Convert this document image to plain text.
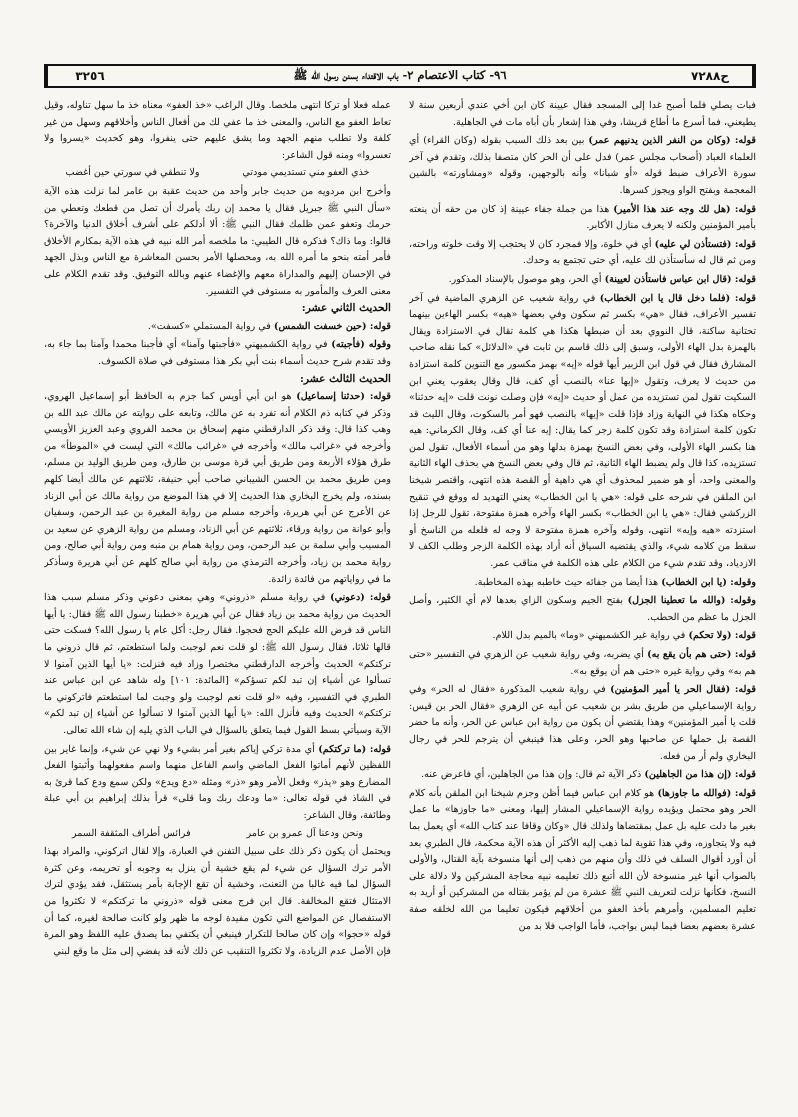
ح٧٢٨٨
٩٦- كتاب الاعتصام ٢- باب الاقتداء بسنن رسول الله ﷺ
٣٢٥٦

فبات يصلي فلما أصبح غدا إلى المسجد فقال عيينة كان ابن أخي عندي أربعين سنة لا يطيعني، فما أسرع ما أطاع قريشا، وفي هذا إشعار بأن أباه مات في الجاهلية.

قوله: (وكان من النفر الذين يدنيهم عمر) بين بعد ذلك السبب بقوله (وكان القراء) أي العلماء العباد (أصحاب مجلس عمر) فدل على أن الحر كان متصفا بذلك، وتقدم في آخر سورة الأعراف ضبط قوله «أو شبانا» وأنه بالوجهين، وقوله «ومشاورته» بالشين المعجمة وبفتح الواو ويجوز كسرها.

قوله: (هل لك وجه عند هذا الأمير) هذا من جملة جفاء عيينة إذ كان من حقه أن ينعته بأمير المؤمنين ولكنه لا يعرف منازل الأكابر.

قوله: (فتستأذن لي عليه) أي في خلوة، وإلا فمجرد كان لا يحتجب إلا وقت خلوته وراحته، ومن ثم قال له سأستأذن لك عليه، أي حتى تجتمع به وحدك.

قوله: (قال ابن عباس فاستأذن لعيينة) أي الحر، وهو موصول بالإسناد المذكور.

قوله: (فلما دخل قال يا ابن الخطاب) في رواية شعيب عن الزهري الماضية في آخر تفسير الأعراف، فقال «هي» بكسر ثم سكون وفي بعضها «هيه» بكسر الهاءين بينهما تحتانية ساكنة، قال النووي بعد أن ضبطها هكذا هي كلمة تقال في الاستزادة ويقال بالهمزة بدل الهاء الأولى، وسبق إلى ذلك قاسم بن ثابت في «الدلائل» كما نقله صاحب المشارق فقال في قول ابن الزبير أيها قوله «إيه» بهمز مكسور مع التنوين كلمة استزادة من حديث لا يعرف، وتقول «إيها عنا» بالنصب أي كف، قال وقال يعقوب يعني ابن السكيت تقول لمن تستزيده من عمل أو حديث «إيه» فإن وصلت نونت قلت «إيه حدثنا» وحكاه هكذا في النهاية وزاد فإذا قلت «إيها» بالنصب فهو أمر بالسكوت، وقال الليث قد تكون كلمة استزادة وقد تكون كلمة زجر كما يقال: إيه عنا أي كف، وقال الكرماني: هيه هنا بكسر الهاء الأولى، وفي بعض النسخ بهمزة بدلها وهو من أسماء الأفعال، تقول لمن تستزيده، كذا قال ولم يضبط الهاء الثانية، ثم قال وفي بعض النسخ هي بحذف الهاء الثانية والمعنى واحد، أو هو ضمير لمحذوف أي هي داهية أو القصة هذه انتهى، واقتصر شيخنا ابن الملقن في شرحه على قوله: «هي يا ابن الخطاب» يعني التهديد له ووقع في تنقيح الزركشي فقال: «هي يا ابن الخطاب» بكسر الهاء وآخره همزة مفتوحة، تقول للرجل إذا استزدته «هيه وإيه» انتهى، وقوله وآخره همزة مفتوحة لا وجه له فلعله من الناسخ أو سقط من كلامه شيء، والذي يقتضيه السياق أنه أراد بهذه الكلمة الزجر وطلب الكف لا الازدياد، وقد تقدم شيء من الكلام على هذه الكلمة في مناقب عمر.

وقوله: (يا ابن الخطاب) هذا أيضا من جفائه حيث خاطبه بهذه المخاطبة.

وقوله: (والله ما تعطينا الجزل) بفتح الجيم وسكون الزاي بعدها لام أي الكثير، وأصل الجزل ما عظم من الحطب.

قوله: (ولا تحكم) في رواية غير الكشميهني «وما» بالميم بدل اللام.

قوله: (حتى هم بأن يقع به) أي يضربه، وفي رواية شعيب عن الزهري في التفسير «حتى هم به» وفي رواية غيره «حتى هم أن يوقع به».

قوله: (فقال الحر يا أمير المؤمنين) في رواية شعيب المذكورة «فقال له الحر» وفي رواية الإسماعيلي من طريق بشر بن شعيب عن أبيه عن الزهري «فقال الحر بن قيس: قلت يا أمير المؤمنين» وهذا يقتضي أن يكون من رواية ابن عباس عن الحر، وأنه ما حضر القصة بل حملها عن صاحبها وهو الحر، وعلى هذا فينبغي أن يترجم للحر في رجال البخاري ولم أر من فعله.

قوله: (إن هذا من الجاهلين) ذكر الآية ثم قال: وإن هذا من الجاهلين، أي فاعرض عنه.

قوله: (فوالله ما جاوزها) هو كلام ابن عباس فيما أظن وجزم شيخنا ابن الملقن بأنه كلام الحر وهو محتمل ويؤيده رواية الإسماعيلي المشار إليها، ومعنى «ما جاوزها» ما عمل بغير ما دلت عليه بل عمل بمقتضاها ولذلك قال «وكان وقافا عند كتاب الله» أي يعمل بما فيه ولا يتجاوزه، وفي هذا تقوية لما ذهب إليه الأكثر أن هذه الآية محكمة، قال الطبري بعد أن أورد أقوال السلف في ذلك وأن منهم من ذهب إلى أنها منسوخة بآية القتال، والأولى بالصواب أنها غير منسوخة لأن الله أتبع ذلك تعليمه نبيه محاجة المشركين ولا دلالة على النسخ، فكأنها نزلت لتعريف النبي ﷺ عشرة من لم يؤمر بقتاله من المشركين أو أريد به تعليم المسلمين، وأمرهم بأخذ العفو من أخلاقهم فيكون تعليما من الله لخلقه صفة عشرة بعضهم بعضا فيما ليس بواجب، فأما الواجب فلا بد من

عمله فعلا أو تركا انتهى ملخصا. وقال الراغب «خذ العفو» معناه خذ ما سهل تناوله، وقيل تعاط العفو مع الناس، والمعنى خذ ما عفي لك من أفعال الناس وأخلاقهم وسهل من غير كلفة ولا تطلب منهم الجهد وما يشق عليهم حتى ينفروا، وهو كحديث «يسروا ولا تعسروا» ومنه قول الشاعر:

خذي العفو مني تستديمي مودتي
ولا تنطقي في سورتي حين أغضب

وأخرج ابن مردويه من حديث جابر وأحد من حديث عقبة بن عامر لما نزلت هذه الآية «سأل النبي ﷺ جبريل فقال يا محمد إن ربك يأمرك أن تصل من قطعك وتعطي من حرمك وتعفو عمن ظلمك فقال النبي ﷺ: ألا أدلكم على أشرف أخلاق الدنيا والآخرة؟ قالوا: وما ذاك؟ فذكره قال الطيبي: ما ملخصه أمر الله نبيه في هذه الآية بمكارم الأخلاق فأمر أمته بنحو ما أمره الله به، ومحصلها الأمر بحسن المعاشرة مع الناس وبذل الجهد في الإحسان إليهم والمداراة معهم والإغضاء عنهم وبالله التوفيق. وقد تقدم الكلام على معنى العرف والمأمور به مستوفى في التفسير.

الحديث الثاني عشر:

قوله: (حين خسفت الشمس) في رواية المستملي «كسفت».

وقوله (فأجبته) في رواية الكشميهني «فأجبتها وآمنا» أي فأجبنا محمدا وآمنا بما جاء به، وقد تقدم شرح حديث أسماء بنت أبي بكر هذا مستوفى في صلاة الكسوف.

الحديث الثالث عشر:

قوله: (حدثنا إسماعيل) هو ابن أبي أويس كما جزم به الحافظ أبو إسماعيل الهروي، وذكر في كتابه ذم الكلام أنه تفرد به عن مالك، وتابعه على روايته عن مالك عبد الله بن وهب كذا قال: وقد ذكر الدارقطني منهم إسحاق بن محمد الفروي وعبد العزيز الأويسي وأخرجه في «غرائب مالك» وأخرجه في «غرائب مالك» التي ليست في «الموطأ» من طرق هؤلاء الأربعة ومن طريق أبي قرة موسى بن طارق، ومن طريق الوليد بن مسلم، ومن طريق محمد بن الحسن الشيباني صاحب أبي حنيفة، ثلاثتهم عن مالك أيضا كلهم بسنده، ولم يخرج البخاري هذا الحديث إلا في هذا الموضع من رواية مالك عن أبي الزناد عن الأعرج عن أبي هريرة، وأخرجه مسلم من رواية المغيرة بن عبد الرحمن، وسفيان وأبو عوانة من رواية ورقاء، ثلاثتهم عن أبي الزناد، ومسلم من رواية الزهري عن سعيد بن المسيب وأبي سلمة بن عبد الرحمن، ومن رواية همام بن منبه ومن رواية أبي صالح، ومن رواية محمد بن زياد، وأخرجه الترمذي من رواية أبي صالح كلهم عن أبي هريرة وسأذكر ما في رواياتهم من فائدة زائدة.

قوله: (دعوني) في رواية مسلم «ذروني» وهي بمعنى دعوني وذكر مسلم سبب هذا الحديث من رواية محمد بن زياد فقال عن أبي هريرة «خطبنا رسول الله ﷺ فقال: يا أيها الناس قد فرض الله عليكم الحج فحجوا. فقال رجل: أكل عام يا رسول الله؟ فسكت حتى قالها ثلاثا، فقال رسول الله ﷺ: لو قلت نعم لوجبت ولما استطعتم، ثم قال ذروني ما تركتكم» الحديث وأخرجه الدارقطني مختصرا وزاد فيه فنزلت: «يا أيها الذين آمنوا لا تسألوا عن أشياء إن تبد لكم تسؤكم» [المائدة: ١٠١] وله شاهد عن ابن عباس عند الطبري في التفسير، وفيه «لو قلت نعم لوجبت ولو وجبت لما استطعتم فاتركوني ما تركتكم» الحديث وفيه فأنزل الله: «يا أيها الذين آمنوا لا تسألوا عن أشياء إن تبد لكم» الآية وسيأتي بسط القول فيما يتعلق بالسؤال في الباب الذي يليه إن شاء الله تعالى.

قوله: (ما تركتكم) أي مدة تركي إياكم بغير أمر بشيء ولا نهي عن شيء، وإنما غاير بين اللفظين لأنهم أماتوا الفعل الماضي واسم الفاعل منهما واسم مفعولهما وأثبتوا الفعل المضارع وهو «يذر» وفعل الأمر وهو «ذر» ومثله «دع ويدع» ولكن سمع ودع كما قرئ به في الشاذ في قوله تعالى: «ما ودعك ربك وما قلى» قرأ بذلك إبراهيم بن أبي عبلة وطائفة، وقال الشاعر:

ونحن ودعنا آل عمرو بن عامر
فرائس أطراف المثقفة السمر

ويحتمل أن يكون ذكر ذلك على سبيل التفنن في العبارة، وإلا لقال اتركوني، والمراد بهذا الأمر ترك السؤال عن شيء لم يقع خشية أن ينزل به وجوبه أو تحريمه، وعن كثرة السؤال لما فيه غالبا من التعنت، وخشية أن تقع الإجابة بأمر يستثقل، فقد يؤدي لترك الامتثال فتقع المخالفة. قال ابن فرج معنى قوله «ذروني ما تركتكم» لا تكثروا من الاستفصال عن المواضع التي تكون مفيدة لوجه ما ظهر ولو كانت صالحة لغيره، كما أن قوله «حجوا» وإن كان صالحا للتكرار فينبغي أن يكتفي بما يصدق عليه اللفظ وهو المرة فإن الأصل عدم الزيادة، ولا تكثروا التنقيب عن ذلك لأنه قد يفضي إلى مثل ما وقع لبني
